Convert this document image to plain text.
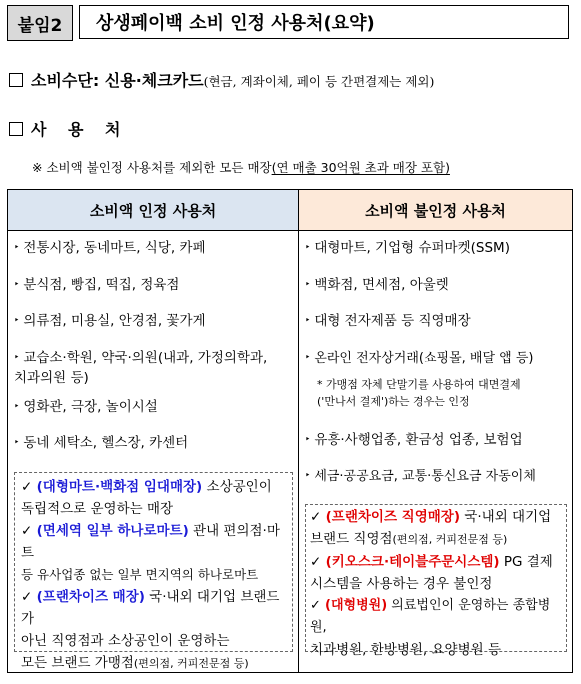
붙임2	상생페이백 소비 인정 사용처(요약)
소비수단: 신용·체크카드(현금, 계좌이체, 페이 등 간편결제는 제외)
사 용 처
※ 소비액 불인정 사용처를 제외한 모든 매장(연 매출 30억원 초과 매장 포함)
소비액 인정 사용처
‣ 전통시장, 동네마트, 식당, 카페
‣ 분식점, 빵집, 떡집, 정육점
‣ 의류점, 미용실, 안경점, 꽃가게
‣ 교습소·학원, 약국·의원(내과, 가정의학과,
치과의원 등)
‣ 영화관, 극장, 놀이시설
‣ 동네 세탁소, 헬스장, 카센터
✓ (대형마트·백화점 임대매장) 소상공인이
독립적으로 운영하는 매장
✓ (면세역 일부 하나로마트) 관내 편의점·마트
등 유사업종 없는 일부 면지역의 하나로마트
✓ (프랜차이즈 매장) 국·내외 대기업 브랜드가
아닌 직영점과 소상공인이 운영하는
모든 브랜드 가맹점(편의점, 커피전문점 등)
소비액 불인정 사용처
‣ 대형마트, 기업형 슈퍼마켓(SSM)
‣ 백화점, 면세점, 아울렛
‣ 대형 전자제품 등 직영매장
‣ 온라인 전자상거래(쇼핑몰, 배달 앱 등)
* 가맹점 자체 단말기를 사용하여 대면결제
('만나서 결제')하는 경우는 인정
‣ 유흥·사행업종, 환금성 업종, 보험업
‣ 세금·공공요금, 교통·통신요금 자동이체
✓ (프랜차이즈 직영매장) 국·내외 대기업
브랜드 직영점(편의점, 커피전문점 등)
✓ (키오스크·테이블주문시스템) PG 결제
시스템을 사용하는 경우 불인정
✓ (대형병원) 의료법인이 운영하는 종합병원,
치과병원, 한방병원, 요양병원 등
